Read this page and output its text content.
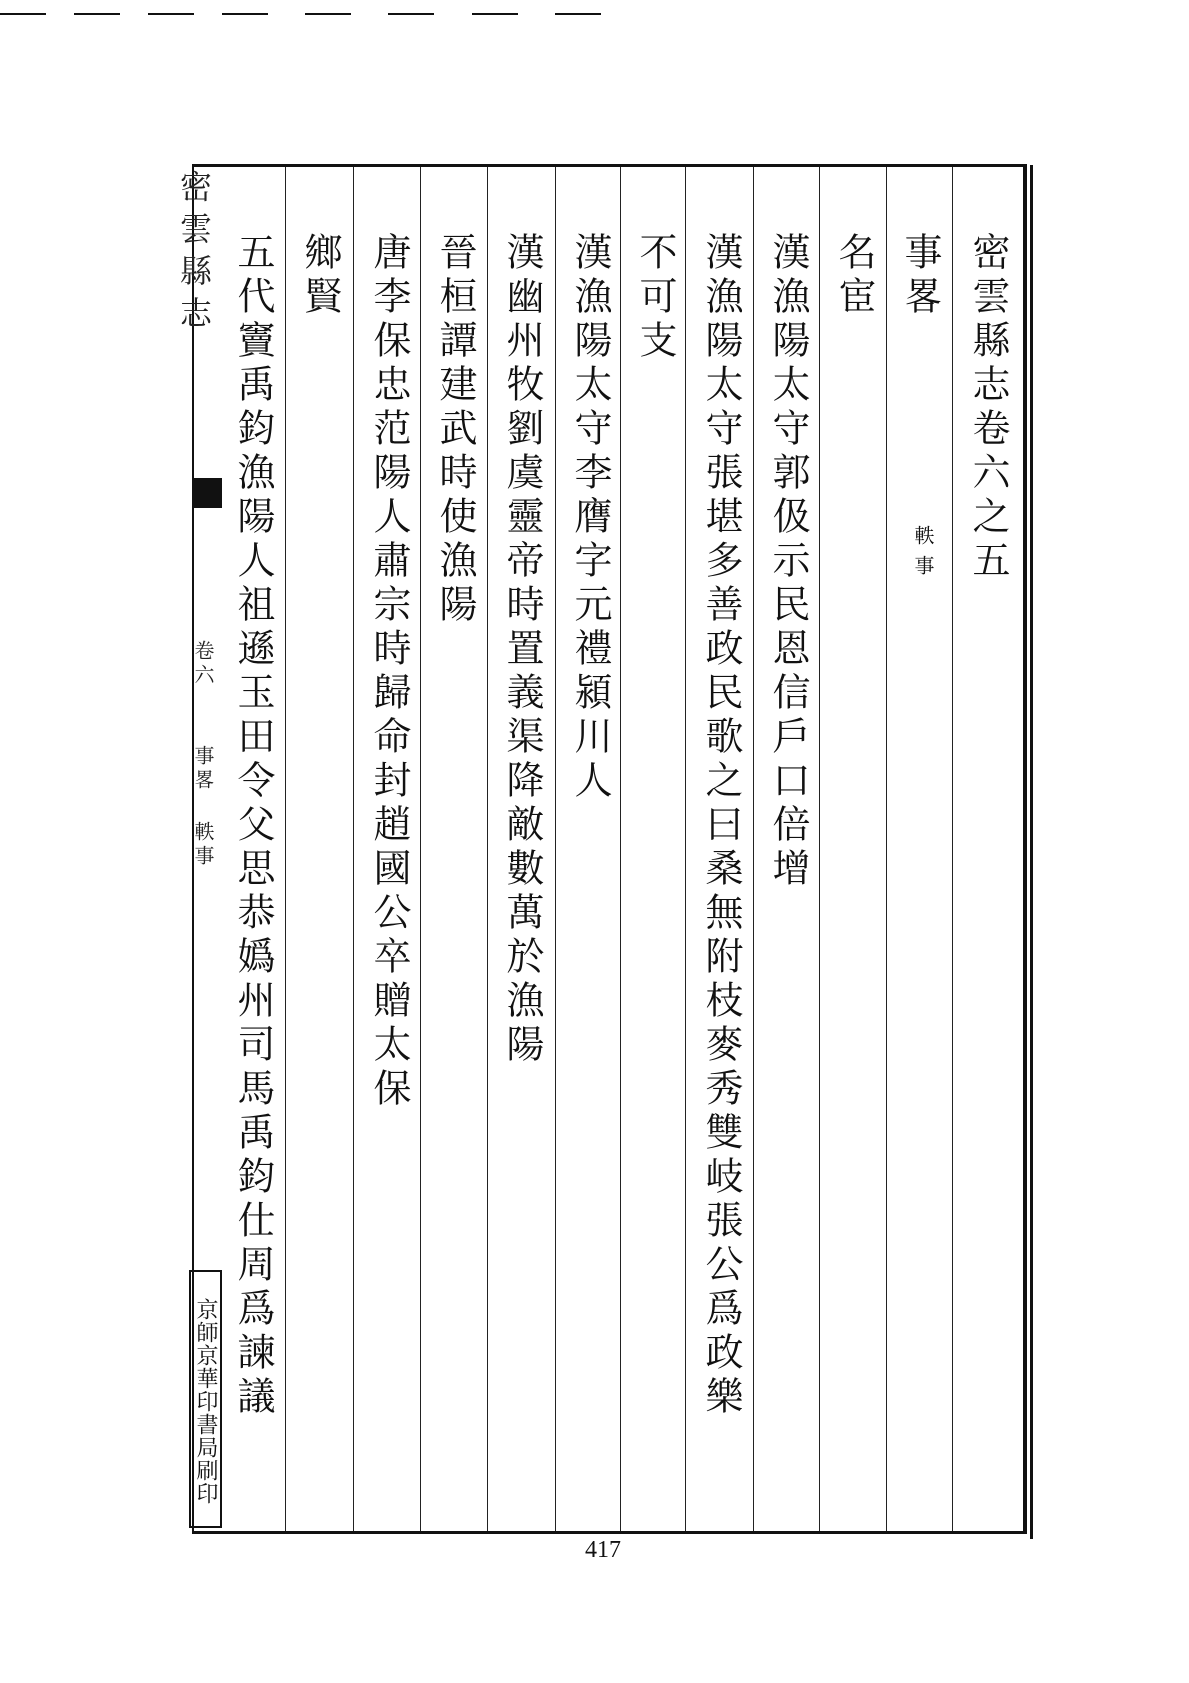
密雲縣志卷六之五
事畧
軼事
名宦
漢漁陽太守郭伋示民恩信戶口倍增
漢漁陽太守張堪多善政民歌之曰桑無附枝麥秀雙岐張公爲政樂
不可支
漢漁陽太守李膺字元禮潁川人
漢幽州牧劉虞靈帝時置義渠降敵數萬於漁陽
晉桓譚建武時使漁陽
唐李保忠范陽人肅宗時歸命封趙國公卒贈太保
鄉賢
五代竇禹鈞漁陽人祖遜玉田令父思恭嬀州司馬禹鈞仕周爲諫議
密雲縣志
卷六
事畧 軼事
京師京華印書局刷印
417
